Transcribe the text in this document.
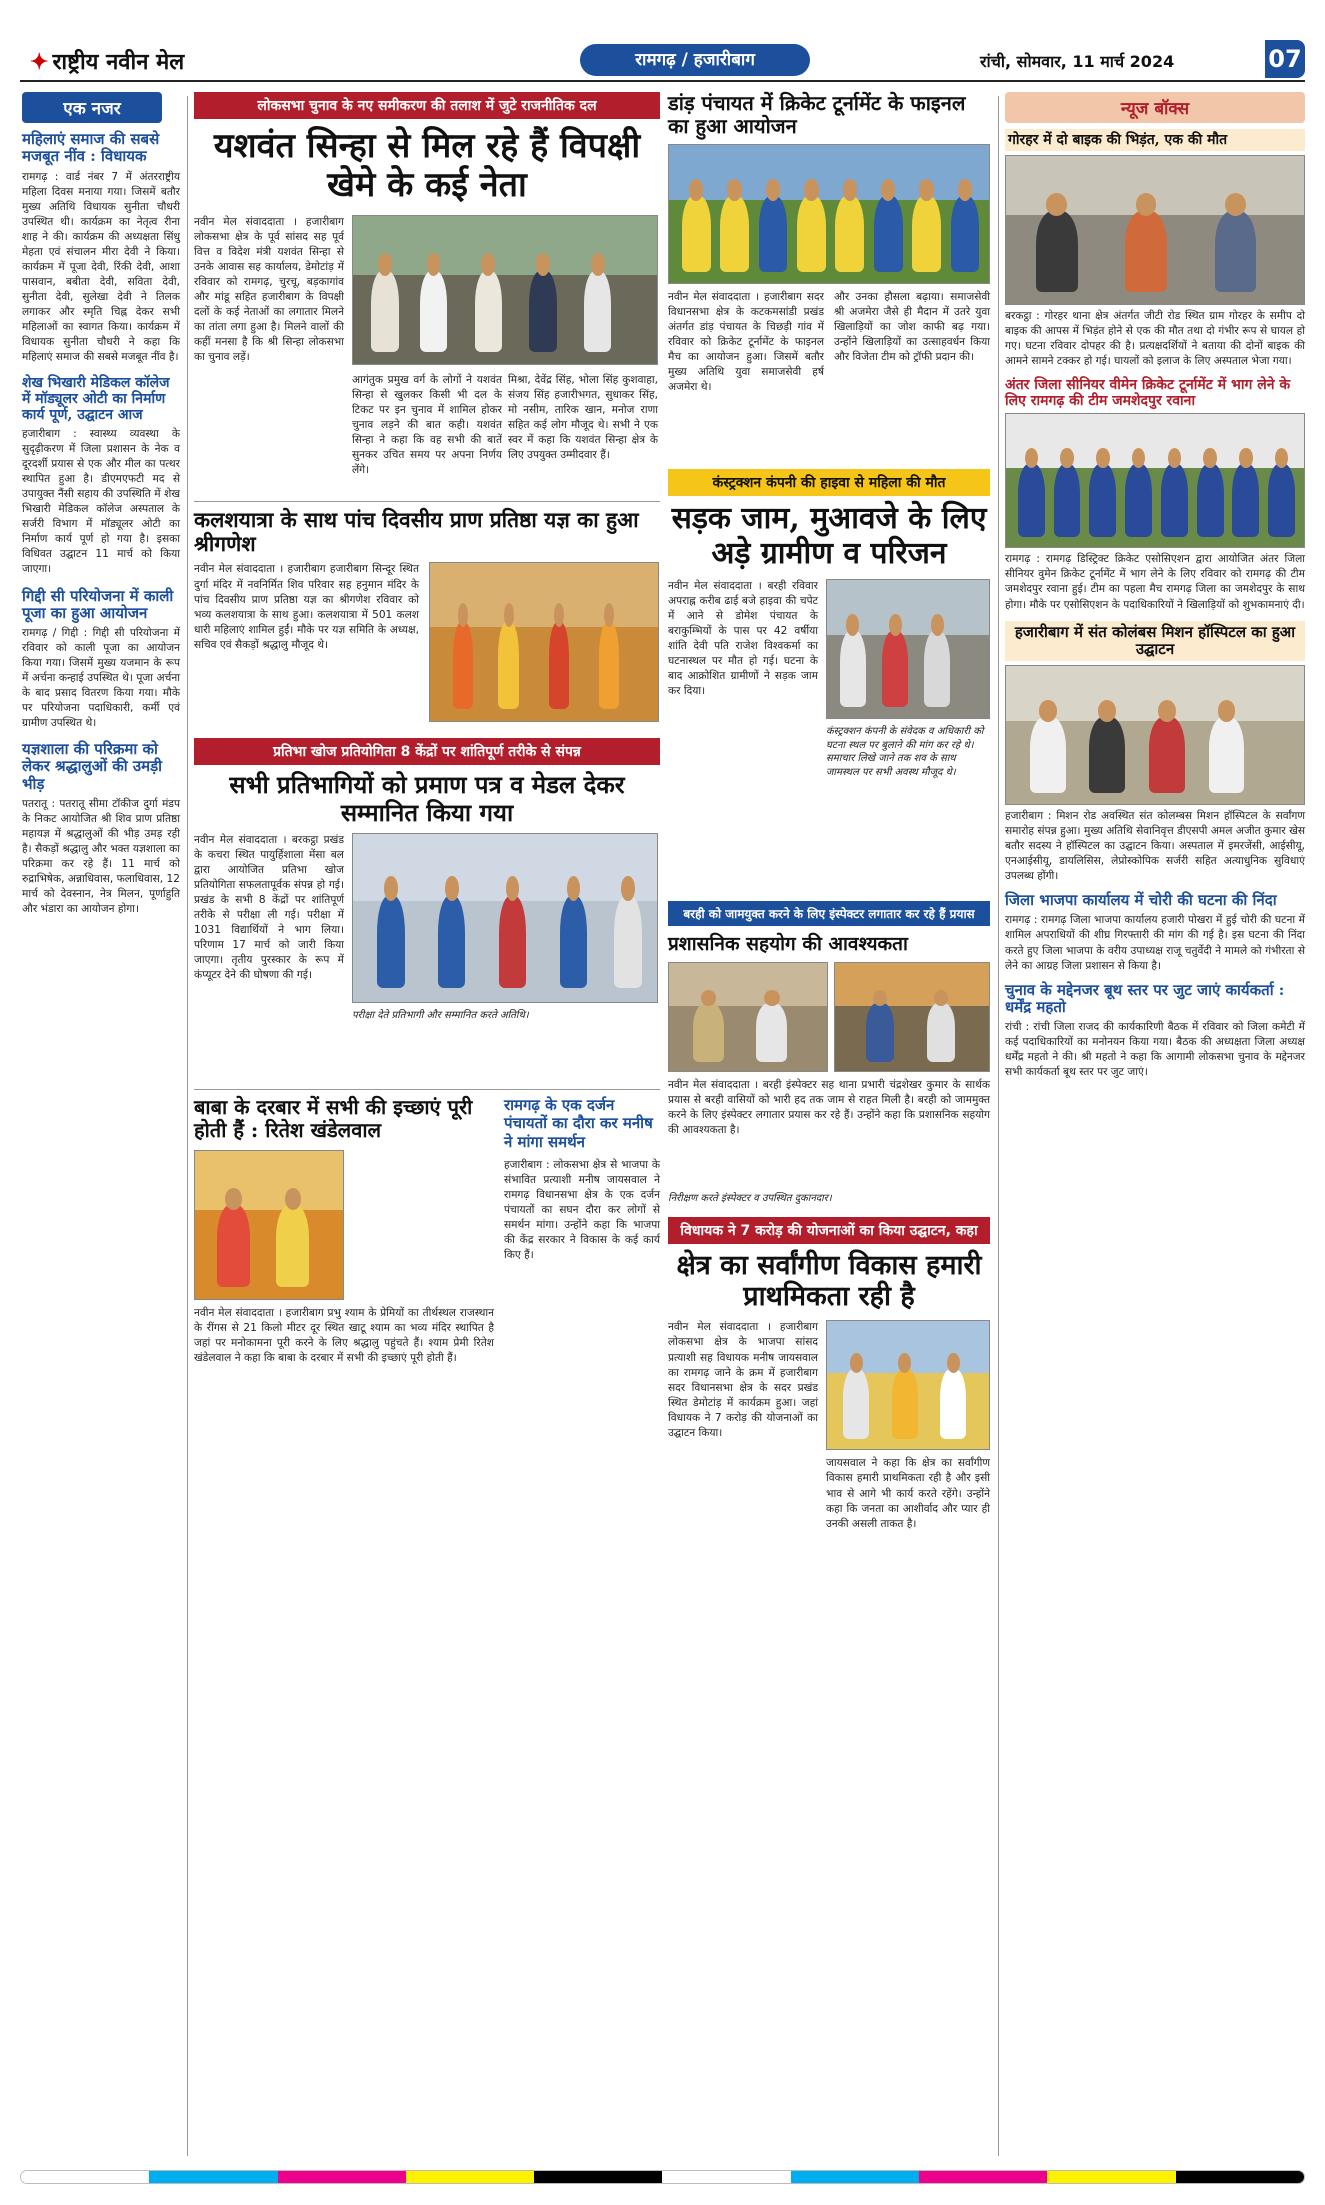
✦ राष्ट्रीय नवीन मेल	रामगढ़ / हजारीबाग	रांची, सोमवार, 11 मार्च 2024	07
एक नजर
महिलाएं समाज की सबसे मजबूत नींव : विधायक

रामगढ़ : वार्ड नंबर 7 में अंतरराष्ट्रीय महिला दिवस मनाया गया। जिसमें बतौर मुख्य अतिथि विधायक सुनीता चौधरी उपस्थित थी। कार्यक्रम का नेतृत्व रीना शाह ने की। कार्यक्रम की अध्यक्षता सिंधु मेहता एवं संचालन मीरा देवी ने किया। कार्यक्रम में पूजा देवी, रिंकी देवी, आशा पासवान, बबीता देवी, सविता देवी, सुनीता देवी, सुलेखा देवी ने तिलक लगाकर और स्मृति चिह्न देकर सभी महिलाओं का स्वागत किया। कार्यक्रम में विधायक सुनीता चौधरी ने कहा कि महिलाएं समाज की सबसे मजबूत नींव है।

शेख भिखारी मेडिकल कॉलेज में मॉड्यूलर ओटी का निर्माण कार्य पूर्ण, उद्घाटन आज

हजारीबाग : स्वास्थ्य व्यवस्था के सुदृढ़ीकरण में जिला प्रशासन के नेक व दूरदर्शी प्रयास से एक और मील का पत्थर स्थापित हुआ है। डीएमएफटी मद से उपायुक्त नैंसी सहाय की उपस्थिति में शेख भिखारी मेडिकल कॉलेज अस्पताल के सर्जरी विभाग में मॉड्यूलर ओटी का निर्माण कार्य पूर्ण हो गया है। इसका विधिवत उद्घाटन 11 मार्च को किया जाएगा।

गिद्दी सी परियोजना में काली पूजा का हुआ आयोजन

रामगढ़ / गिद्दी : गिद्दी सी परियोजना में रविवार को काली पूजा का आयोजन किया गया। जिसमें मुख्य यजमान के रूप में अर्चना कन्हाई उपस्थित थे। पूजा अर्चना के बाद प्रसाद वितरण किया गया। मौके पर परियोजना पदाधिकारी, कर्मी एवं ग्रामीण उपस्थित थे।

यज्ञशाला की परिक्रमा को लेकर श्रद्धालुओं की उमड़ी भीड़

पतरातू : पतरातू सीमा टॉकीज दुर्गा मंडप के निकट आयोजित श्री शिव प्राण प्रतिष्ठा महायज्ञ में श्रद्धालुओं की भीड़ उमड़ रही है। सैकड़ों श्रद्धालु और भक्त यज्ञशाला का परिक्रमा कर रहे हैं। 11 मार्च को रुद्राभिषेक, अन्नाधिवास, फलाधिवास, 12 मार्च को देवस्नान, नेत्र मिलन, पूर्णाहुति और भंडारा का आयोजन होगा।

लोकसभा चुनाव के नए समीकरण की तलाश में जुटे राजनीतिक दल
यशवंत सिन्हा से मिल रहे हैं विपक्षी खेमे के कई नेता

नवीन मेल संवाददाता । हजारीबाग लोकसभा क्षेत्र के पूर्व सांसद सह पूर्व वित्त व विदेश मंत्री यशवंत सिन्हा से उनके आवास सह कार्यालय, डेमोटांड़ में रविवार को रामगढ़, चुरचू, बड़कागांव और मांडू सहित हजारीबाग के विपक्षी दलों के कई नेताओं का लगातार मिलने का तांता लगा हुआ है। मिलने वालों की कहीं मनसा है कि श्री सिन्हा लोकसभा का चुनाव लड़ें।

आगंतुक प्रमुख वर्ग के लोगों ने यशवंत सिन्हा से खुलकर किसी भी दल के टिकट पर इन चुनाव में शामिल होकर चुनाव लड़ने की बात कही। यशवंत सिन्हा ने कहा कि वह सभी की बातें सुनकर उचित समय पर अपना निर्णय लेंगे।

मिश्रा, देवेंद्र सिंह, भोला सिंह कुशवाहा, संजय सिंह हजारीभगत, सुधाकर सिंह, मो नसीम, तारिक खान, मनोज राणा सहित कई लोग मौजूद थे। सभी ने एक स्वर में कहा कि यशवंत सिन्हा क्षेत्र के लिए उपयुक्त उम्मीदवार हैं।

कलशयात्रा के साथ पांच दिवसीय प्राण प्रतिष्ठा यज्ञ का हुआ श्रीगणेश

नवीन मेल संवाददाता । हजारीबाग हजारीबाग सिन्दूर स्थित दुर्गा मंदिर में नवनिर्मित शिव परिवार सह हनुमान मंदिर के पांच दिवसीय प्राण प्रतिष्ठा यज्ञ का श्रीगणेश रविवार को भव्य कलशयात्रा के साथ हुआ। कलशयात्रा में 501 कलश धारी महिलाएं शामिल हुईं। मौके पर यज्ञ समिति के अध्यक्ष, सचिव एवं सैकड़ों श्रद्धालु मौजूद थे।

प्रतिभा खोज प्रतियोगिता 8 केंद्रों पर शांतिपूर्ण तरीके से संपन्न
सभी प्रतिभागियों को प्रमाण पत्र व मेडल देकर सम्मानित किया गया

नवीन मेल संवाददाता । बरकट्ठा प्रखंड के कचरा स्थित पायुर्हिशाला मेंसा बल द्वारा आयोजित प्रतिभा खोज प्रतियोगिता सफलतापूर्वक संपन्न हो गई। प्रखंड के सभी 8 केंद्रों पर शांतिपूर्ण तरीके से परीक्षा ली गई। परीक्षा में 1031 विद्यार्थियों ने भाग लिया। परिणाम 17 मार्च को जारी किया जाएगा। तृतीय पुरस्कार के रूप में कंप्यूटर देने की घोषणा की गई।

परीक्षा देते प्रतिभागी और सम्मानित करते अतिथि।

बाबा के दरबार में सभी की इच्छाएं पूरी होती हैं : रितेश खंडेलवाल

नवीन मेल संवाददाता । हजारीबाग प्रभु श्याम के प्रेमियों का तीर्थस्थल राजस्थान के रींगस से 21 किलो मीटर दूर स्थित खाटू श्याम का भव्य मंदिर स्थापित है जहां पर मनोकामना पूरी करने के लिए श्रद्धालु पहुंचते हैं। श्याम प्रेमी रितेश खंडेलवाल ने कहा कि बाबा के दरबार में सभी की इच्छाएं पूरी होती हैं।

रामगढ़ के एक दर्जन पंचायतों का दौरा कर मनीष ने मांगा समर्थन

हजारीबाग : लोकसभा क्षेत्र से भाजपा के संभावित प्रत्याशी मनीष जायसवाल ने रामगढ़ विधानसभा क्षेत्र के एक दर्जन पंचायतों का सघन दौरा कर लोगों से समर्थन मांगा। उन्होंने कहा कि भाजपा की केंद्र सरकार ने विकास के कई कार्य किए हैं।

डांड़ पंचायत में क्रिकेट टूर्नामेंट के फाइनल का हुआ आयोजन

नवीन मेल संवाददाता । हजारीबाग सदर विधानसभा क्षेत्र के कटकमसांडी प्रखंड अंतर्गत डांड़ पंचायत के चिछड़ी गांव में रविवार को क्रिकेट टूर्नामेंट के फाइनल मैच का आयोजन हुआ। जिसमें बतौर मुख्य अतिथि युवा समाजसेवी हर्ष अजमेरा थे।

और उनका हौसला बढ़ाया। समाजसेवी श्री अजमेरा जैसे ही मैदान में उतरे युवा खिलाड़ियों का जोश काफी बढ़ गया। उन्होंने खिलाड़ियों का उत्साहवर्धन किया और विजेता टीम को ट्रॉफी प्रदान की।

कंस्ट्रक्शन कंपनी की हाइवा से महिला की मौत
सड़क जाम, मुआवजे के लिए अड़े ग्रामीण व परिजन

नवीन मेल संवाददाता । बरही रविवार अपराह्न करीब ढाई बजे हाइवा की चपेट में आने से डोमेश पंचायत के बराकुम्भियों के पास पर 42 वर्षीया शांति देवी पति राजेश विश्वकर्मा का घटनास्थल पर मौत हो गई। घटना के बाद आक्रोशित ग्रामीणों ने सड़क जाम कर दिया।

कंस्ट्रक्शन कंपनी के संवेदक व अधिकारी को घटना स्थल पर बुलाने की मांग कर रहे थे। समाचार लिखे जाने तक शव के साथ जामस्थल पर सभी अवस्थ मौजूद थे।

बरही को जामयुक्त करने के लिए इंस्पेक्टर लगातार कर रहे हैं प्रयास
प्रशासनिक सहयोग की आवश्यकता

नवीन मेल संवाददाता । बरही इंस्पेक्टर सह थाना प्रभारी चंद्रशेखर कुमार के सार्थक प्रयास से बरही वासियों को भारी हद तक जाम से राहत मिली है। बरही को जाममुक्त करने के लिए इंस्पेक्टर लगातार प्रयास कर रहे हैं। उन्होंने कहा कि प्रशासनिक सहयोग की आवश्यकता है।

निरीक्षण करते इंस्पेक्टर व उपस्थित दुकानदार।

विधायक ने 7 करोड़ की योजनाओं का किया उद्घाटन, कहा
क्षेत्र का सर्वांगीण विकास हमारी प्राथमिकता रही है

नवीन मेल संवाददाता । हजारीबाग लोकसभा क्षेत्र के भाजपा सांसद प्रत्याशी सह विधायक मनीष जायसवाल का रामगढ़ जाने के क्रम में हजारीबाग सदर विधानसभा क्षेत्र के सदर प्रखंड स्थित डेमोटांड़ में कार्यक्रम हुआ। जहां विधायक ने 7 करोड़ की योजनाओं का उद्घाटन किया।

जायसवाल ने कहा कि क्षेत्र का सर्वांगीण विकास हमारी प्राथमिकता रही है और इसी भाव से आगे भी कार्य करते रहेंगे। उन्होंने कहा कि जनता का आशीर्वाद और प्यार ही उनकी असली ताकत है।

न्यूज बॉक्स
गोरहर में दो बाइक की भिड़ंत, एक की मौत

बरकट्ठा : गोरहर थाना क्षेत्र अंतर्गत जीटी रोड स्थित ग्राम गोरहर के समीप दो बाइक की आपस में भिड़ंत होने से एक की मौत तथा दो गंभीर रूप से घायल हो गए। घटना रविवार दोपहर की है। प्रत्यक्षदर्शियों ने बताया की दोनों बाइक की आमने सामने टक्कर हो गई। घायलों को इलाज के लिए अस्पताल भेजा गया।

अंतर जिला सीनियर वीमेन क्रिकेट टूर्नामेंट में भाग लेने के लिए रामगढ़ की टीम जमशेदपुर रवाना

रामगढ़ : रामगढ़ डिस्ट्रिक्ट क्रिकेट एसोसिएशन द्वारा आयोजित अंतर जिला सीनियर वुमेन क्रिकेट टूर्नामेंट में भाग लेने के लिए रविवार को रामगढ़ की टीम जमशेदपुर रवाना हुई। टीम का पहला मैच रामगढ़ जिला का जमशेदपुर के साथ होगा। मौके पर एसोसिएशन के पदाधिकारियों ने खिलाड़ियों को शुभकामनाएं दी।

हजारीबाग में संत कोलंबस मिशन हॉस्पिटल का हुआ उद्घाटन

हजारीबाग : मिशन रोड अवस्थित संत कोलम्बस मिशन हॉस्पिटल के सर्वांगण समारोह संपन्न हुआ। मुख्य अतिथि सेवानिवृत्त डीएसपी अमल अजीत कुमार खेस बतौर सदस्य ने हॉस्पिटल का उद्घाटन किया। अस्पताल में इमरजेंसी, आईसीयू, एनआईसीयू, डायलिसिस, लेप्रोस्कोपिक सर्जरी सहित अत्याधुनिक सुविधाएं उपलब्ध होंगी।

जिला भाजपा कार्यालय में चोरी की घटना की निंदा

रामगढ़ : रामगढ़ जिला भाजपा कार्यालय हजारी पोखरा में हुई चोरी की घटना में शामिल अपराधियों की शीघ्र गिरफ्तारी की मांग की गई है। इस घटना की निंदा करते हुए जिला भाजपा के वरीय उपाध्यक्ष राजू चतुर्वेदी ने मामले को गंभीरता से लेने का आग्रह जिला प्रशासन से किया है।

चुनाव के मद्देनजर बूथ स्तर पर जुट जाएं कार्यकर्ता : धर्मेंद्र महतो

रांची : रांची जिला राजद की कार्यकारिणी बैठक में रविवार को जिला कमेटी में कई पदाधिकारियों का मनोनयन किया गया। बैठक की अध्यक्षता जिला अध्यक्ष धर्मेंद्र महतो ने की। श्री महतो ने कहा कि आगामी लोकसभा चुनाव के मद्देनजर सभी कार्यकर्ता बूथ स्तर पर जुट जाएं।
